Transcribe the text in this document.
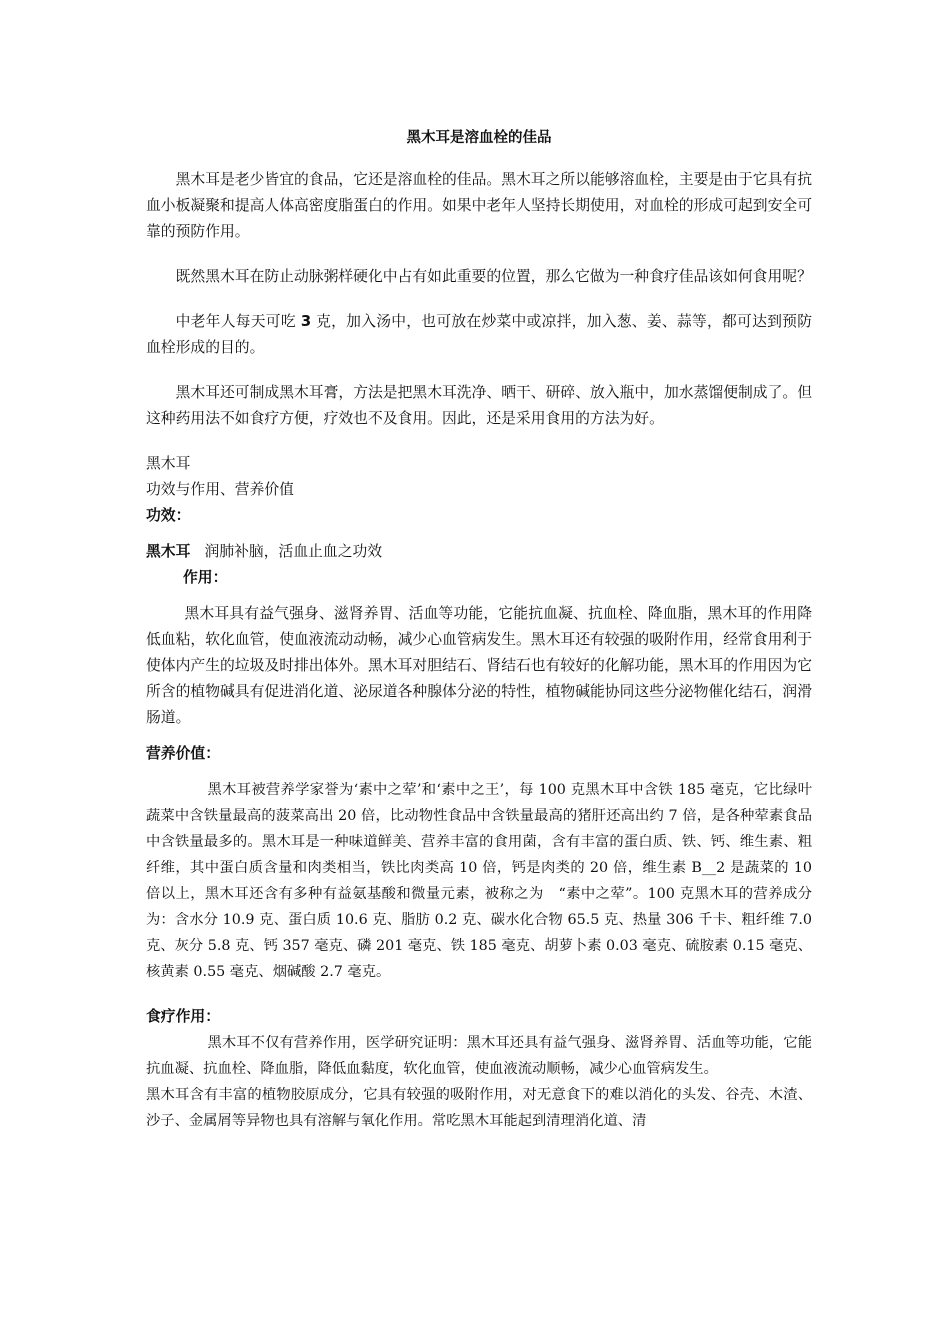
黑木耳是溶血栓的佳品

黑木耳是老少皆宜的食品，它还是溶血栓的佳品。黑木耳之所以能够溶血栓，主要是由于它具有抗血小板凝聚和提高人体高密度脂蛋白的作用。如果中老年人坚持长期使用，对血栓的形成可起到安全可靠的预防作用。

既然黑木耳在防止动脉粥样硬化中占有如此重要的位置，那么它做为一种食疗佳品该如何食用呢？

中老年人每天可吃 3 克，加入汤中，也可放在炒菜中或凉拌，加入葱、姜、蒜等，都可达到预防血栓形成的目的。

黑木耳还可制成黑木耳膏，方法是把黑木耳洗净、晒干、研碎、放入瓶中，加水蒸馏便制成了。但这种药用法不如食疗方便，疗效也不及食用。因此，还是采用食用的方法为好。

黑木耳

功效与作用、营养价值

功效：

黑木耳 润肺补脑，活血止血之功效

作用：

黑木耳具有益气强身、滋肾养胃、活血等功能，它能抗血凝、抗血栓、降血脂，黑木耳的作用降低血粘，软化血管，使血液流动动畅，减少心血管病发生。黑木耳还有较强的吸附作用，经常食用利于使体内产生的垃圾及时排出体外。黑木耳对胆结石、肾结石也有较好的化解功能，黑木耳的作用因为它所含的植物碱具有促进消化道、泌尿道各种腺体分泌的特性，植物碱能协同这些分泌物催化结石，润滑肠道。

营养价值：

黑木耳被营养学家誉为‘素中之荤’和‘素中之王’，每 100 克黑木耳中含铁 185 毫克，它比绿叶蔬菜中含铁量最高的菠菜高出 20 倍，比动物性食品中含铁量最高的猪肝还高出约 7 倍，是各种荤素食品中含铁量最多的。黑木耳是一种味道鲜美、营养丰富的食用菌，含有丰富的蛋白质、铁、钙、维生素、粗纤维，其中蛋白质含量和肉类相当，铁比肉类高 10 倍，钙是肉类的 20 倍，维生素 B__2 是蔬菜的 10 倍以上，黑木耳还含有多种有益氨基酸和微量元素，被称之为　“素中之荤”。100 克黑木耳的营养成分为：含水分 10.9 克、蛋白质 10.6 克、脂肪 0.2 克、碳水化合物 65.5 克、热量 306 千卡、粗纤维 7.0　克、灰分 5.8 克、钙 357 毫克、磷 201 毫克、铁 185 毫克、胡萝卜素 0.03 毫克、硫胺素 0.15 毫克、核黄素 0.55 毫克、烟碱酸 2.7 毫克。

食疗作用：

黑木耳不仅有营养作用，医学研究证明：黑木耳还具有益气强身、滋肾养胃、活血等功能，它能抗血凝、抗血栓、降血脂，降低血黏度，软化血管，使血液流动顺畅，减少心血管病发生。

黑木耳含有丰富的植物胶原成分，它具有较强的吸附作用，对无意食下的难以消化的头发、谷壳、木渣、沙子、金属屑等异物也具有溶解与氧化作用。常吃黑木耳能起到清理消化道、清
